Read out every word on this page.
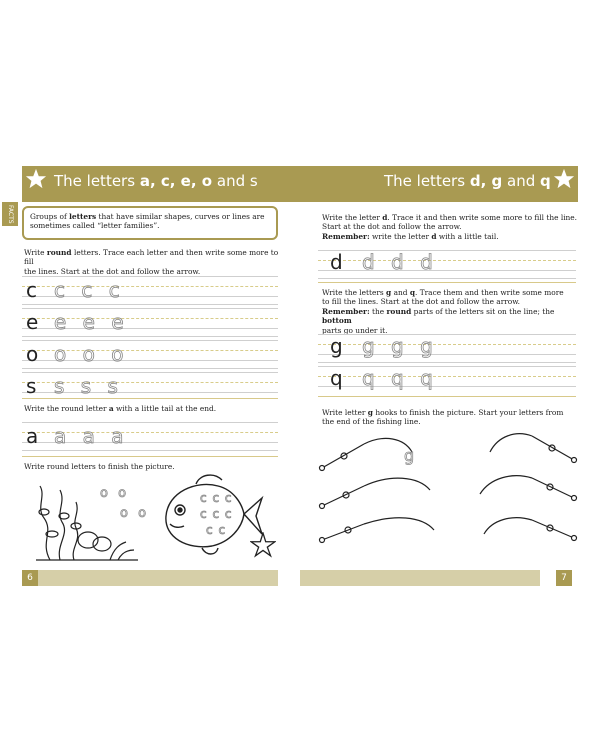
The letters a, c, e, o and s	The letters d, g and q
FACTS	Groups of letters that have similar shapes, curves or lines are
sometimes called “letter families”.
Write round letters. Trace each letter and then write some more to fill
the lines. Start at the dot and follow the arrow.
c c c c
e e e e
o o o o
s s s s
Write the round letter a with a little tail at the end.
a a a a
Write round letters to finish the picture.
o o
o o
c c c
c c c
c c
Write the letter d. Trace it and then write some more to fill the line.
Start at the dot and follow the arrow.
Remember: write the letter d with a little tail.
d d d d
Write the letters g and q. Trace them and then write some more
to fill the lines. Start at the dot and follow the arrow.
Remember: the round parts of the letters sit on the line; the bottom
parts go under it.
g g g g
q q q q
Write letter g hooks to finish the picture. Start your letters from
the end of the fishing line.
g
6	7
